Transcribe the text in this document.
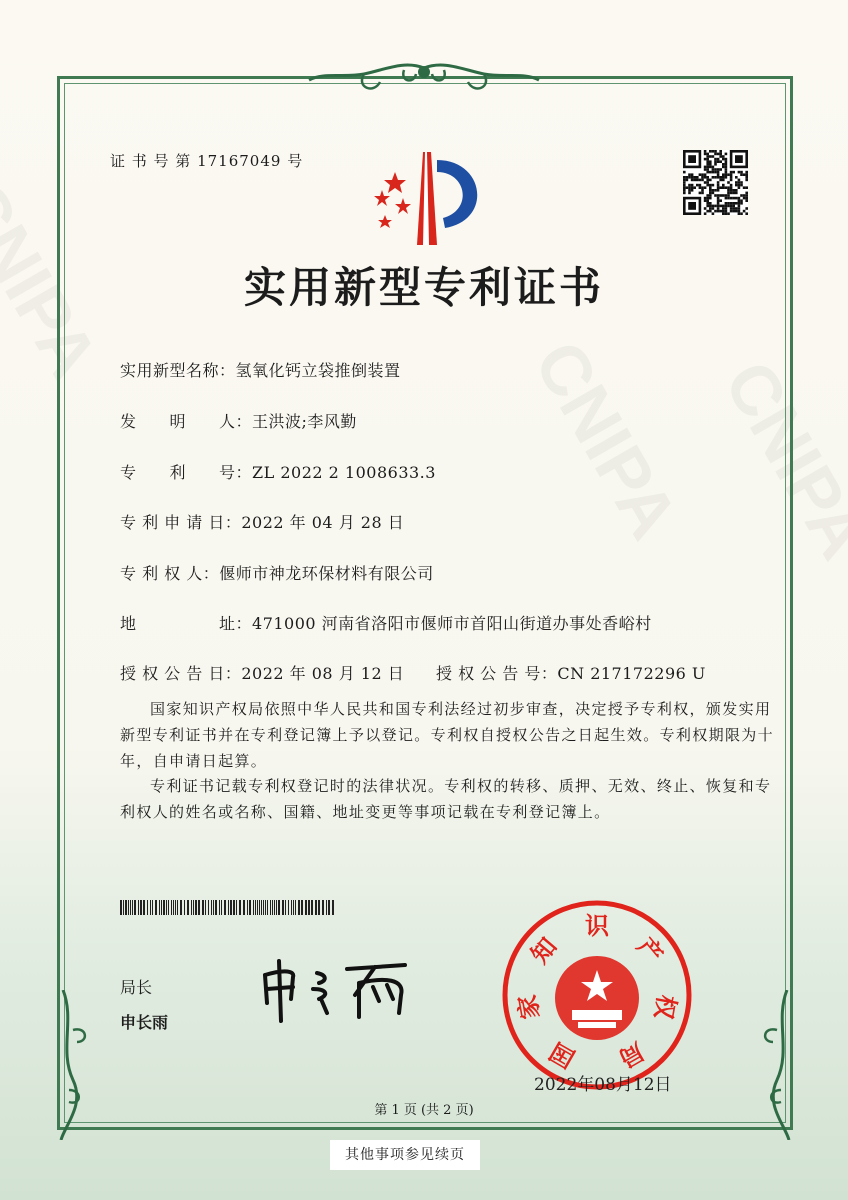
证 书 号 第 17167049 号
实用新型专利证书
实用新型名称：氢氧化钙立袋推倒装置
发　　明　　人：王洪波;李风勤
专　　利　　号：ZL 2022 2 1008633.3
专 利 申 请 日：2022 年 04 月 28 日
专 利 权 人：偃师市神龙环保材料有限公司
地　　　　　址：471000 河南省洛阳市偃师市首阳山街道办事处香峪村
授 权 公 告 日：2022 年 08 月 12 日 授 权 公 告 号：CN 217172296 U
国家知识产权局依照中华人民共和国专利法经过初步审查，决定授予专利权，颁发实用
新型专利证书并在专利登记簿上予以登记。专利权自授权公告之日起生效。专利权期限为十
年，自申请日起算。
专利证书记载专利权登记时的法律状况。专利权的转移、质押、无效、终止、恢复和专
利权人的姓名或名称、国籍、地址变更等事项记载在专利登记簿上。
局长
申长雨
国
家
知
识
产
权
局
2022年08月12日
第 1 页 (共 2 页)
其他事项参见续页
